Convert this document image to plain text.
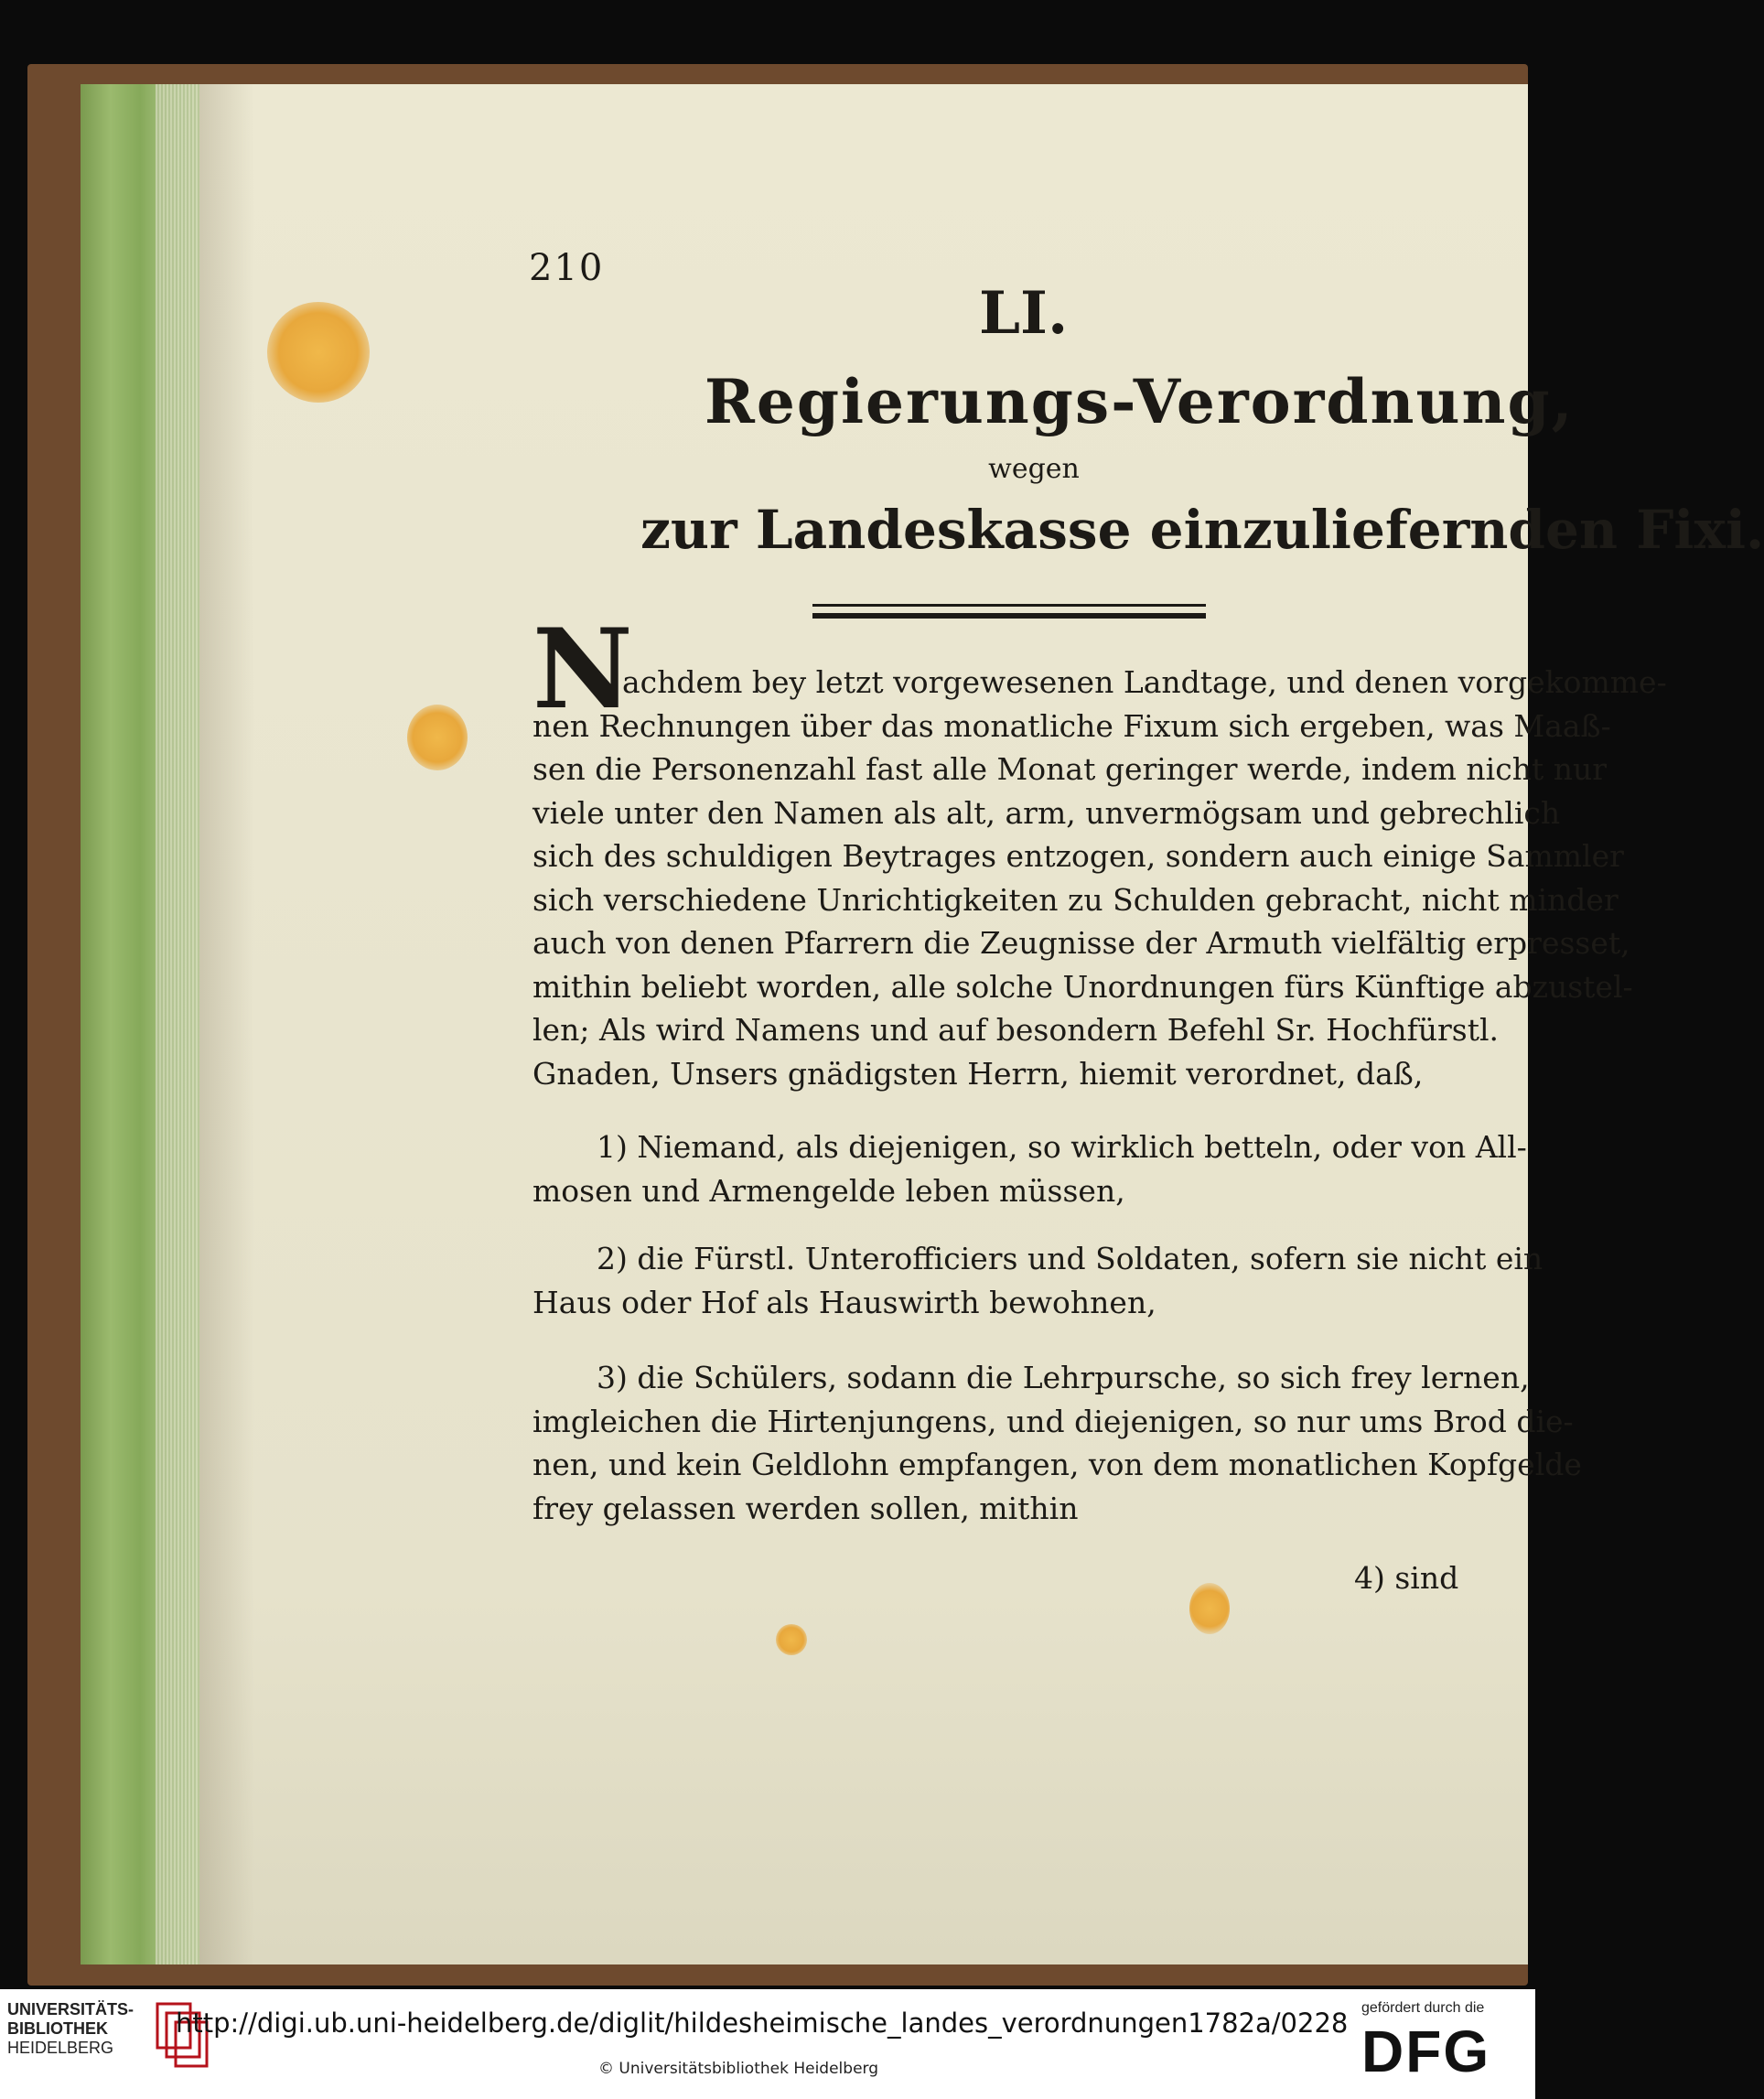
210
LI.
Regierungs-Verordnung,
wegen
zur Landeskasse einzuliefernden Fixi.
N
achdem bey letzt vorgewesenen Landtage, und denen vorgekomme-
nen Rechnungen über das monatliche Fixum sich ergeben, was Maaß-
sen die Personenzahl fast alle Monat geringer werde, indem nicht nur
viele unter den Namen als alt, arm, unvermögsam und gebrechlich
sich des schuldigen Beytrages entzogen, sondern auch einige Sammler
sich verschiedene Unrichtigkeiten zu Schulden gebracht, nicht minder
auch von denen Pfarrern die Zeugnisse der Armuth vielfältig erpresset,
mithin beliebt worden, alle solche Unordnungen fürs Künftige abzustel-
len; Als wird Namens und auf besondern Befehl Sr. Hochfürstl.
Gnaden, Unsers gnädigsten Herrn, hiemit verordnet, daß,
1) Niemand, als diejenigen, so wirklich betteln, oder von All-
mosen und Armengelde leben müssen,
2) die Fürstl. Unterofficiers und Soldaten, sofern sie nicht ein
Haus oder Hof als Hauswirth bewohnen,
3) die Schülers, sodann die Lehrpursche, so sich frey lernen,
imgleichen die Hirtenjungens, und diejenigen, so nur ums Brod die-
nen, und kein Geldlohn empfangen, von dem monatlichen Kopfgelde
frey gelassen werden sollen, mithin
4) sind
UNIVERSITÄTS-
BIBLIOTHEK
HEIDELBERG
http://digi.ub.uni-heidelberg.de/diglit/hildesheimische_landes_verordnungen1782a/0228
© Universitätsbibliothek Heidelberg
gefördert durch die
DFG
